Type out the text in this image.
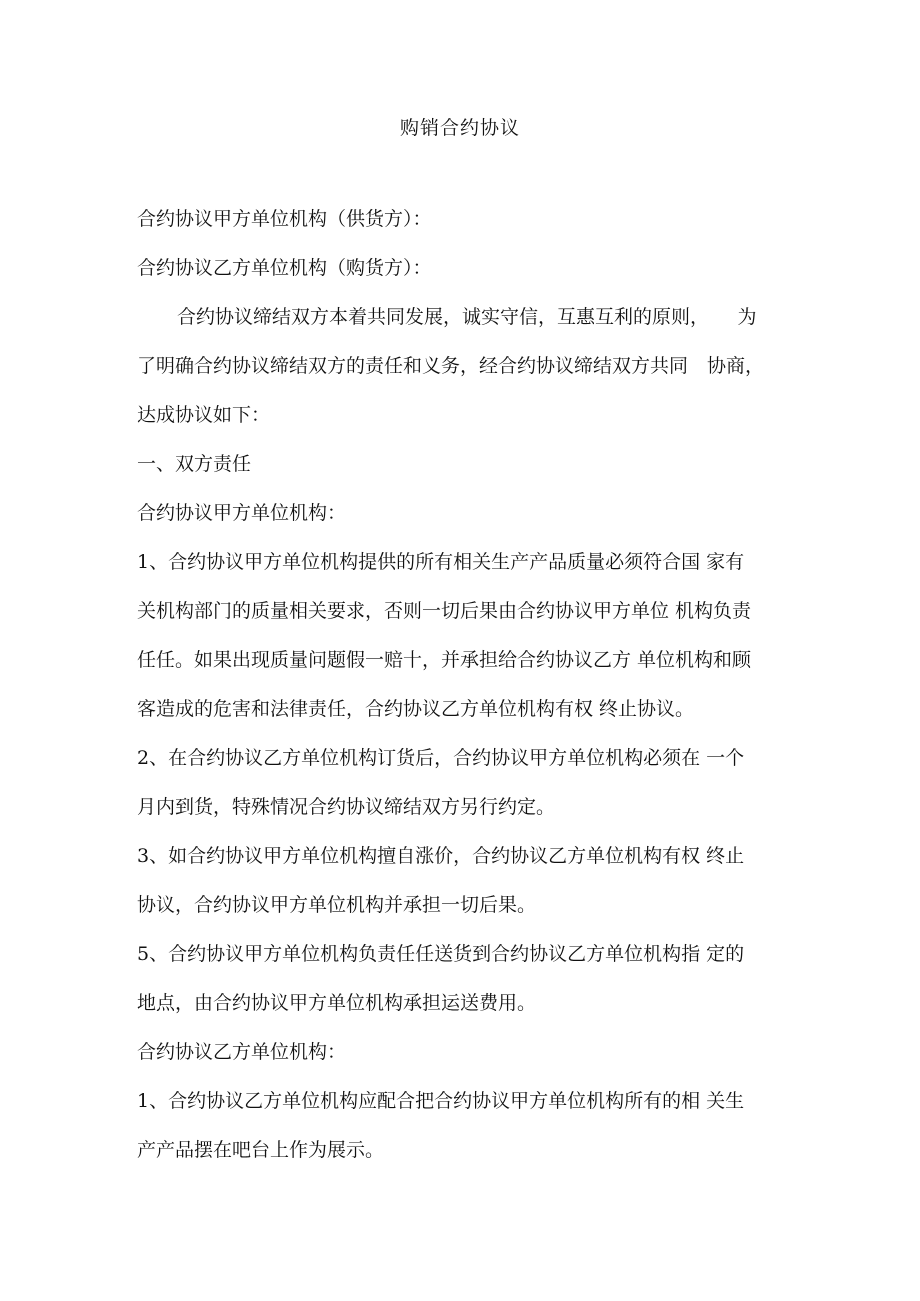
购销合约协议
合约协议甲方单位机构（供货方）：
合约协议乙方单位机构（购货方）：
合约协议缔结双方本着共同发展，诚实守信，互惠互利的原则，　　为
了明确合约协议缔结双方的责任和义务，经合约协议缔结双方共同　协商，
达成协议如下：
一、双方责任
合约协议甲方单位机构：
1、合约协议甲方单位机构提供的所有相关生产产品质量必须符合国 家有
关机构部门的质量相关要求，否则一切后果由合约协议甲方单位 机构负责
任任。如果出现质量问题假一赔十，并承担给合约协议乙方 单位机构和顾
客造成的危害和法律责任，合约协议乙方单位机构有权 终止协议。
2、在合约协议乙方单位机构订货后，合约协议甲方单位机构必须在 一个
月内到货，特殊情况合约协议缔结双方另行约定。
3、如合约协议甲方单位机构擅自涨价，合约协议乙方单位机构有权 终止
协议，合约协议甲方单位机构并承担一切后果。
5、合约协议甲方单位机构负责任任送货到合约协议乙方单位机构指 定的
地点，由合约协议甲方单位机构承担运送费用。
合约协议乙方单位机构：
1、合约协议乙方单位机构应配合把合约协议甲方单位机构所有的相 关生
产产品摆在吧台上作为展示。
